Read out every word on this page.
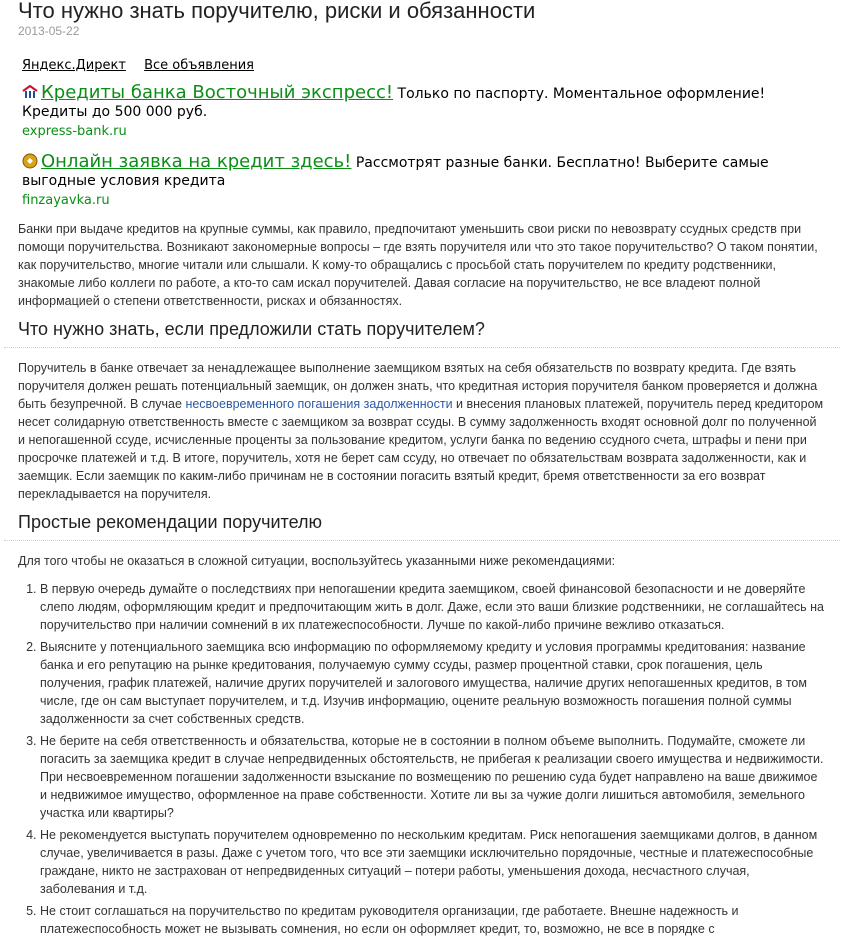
Что нужно знать поручителю, риски и обязанности
2013-05-22
Яндекс.Директ Все объявления
Кредиты банка Восточный экспресс! Только по паспорту. Моментальное оформление! Кредиты до 500 000 руб.
express-bank.ru
Онлайн заявка на кредит здесь! Рассмотрят разные банки. Бесплатно! Выберите самые выгодные условия кредита
finzayavka.ru

Банки при выдаче кредитов на крупные суммы, как правило, предпочитают уменьшить свои риски по невозврату ссудных средств при помощи поручительства. Возникают закономерные вопросы – где взять поручителя или что это такое поручительство? О таком понятии, как поручительство, многие читали или слышали. К кому-то обращались с просьбой стать поручителем по кредиту родственники, знакомые либо коллеги по работе, а кто-то сам искал поручителей. Давая согласие на поручительство, не все владеют полной информацией о степени ответственности, рисках и обязанностях.

Что нужно знать, если предложили стать поручителем?

Поручитель в банке отвечает за ненадлежащее выполнение заемщиком взятых на себя обязательств по возврату кредита. Где взять поручителя должен решать потенциальный заемщик, он должен знать, что кредитная история поручителя банком проверяется и должна быть безупречной. В случае несвоевременного погашения задолженности и внесения плановых платежей, поручитель перед кредитором несет солидарную ответственность вместе с заемщиком за возврат ссуды. В сумму задолженность входят основной долг по полученной и непогашенной ссуде, исчисленные проценты за пользование кредитом, услуги банка по ведению ссудного счета, штрафы и пени при просрочке платежей и т.д. В итоге, поручитель, хотя не берет сам ссуду, но отвечает по обязательствам возврата задолженности, как и заемщик. Если заемщик по каким-либо причинам не в состоянии погасить взятый кредит, бремя ответственности за его возврат перекладывается на поручителя.

Простые рекомендации поручителю

Для того чтобы не оказаться в сложной ситуации, воспользуйтесь указанными ниже рекомендациями:

1. В первую очередь думайте о последствиях при непогашении кредита заемщиком, своей финансовой безопасности и не доверяйте слепо людям, оформляющим кредит и предпочитающим жить в долг. Даже, если это ваши близкие родственники, не соглашайтесь на поручительство при наличии сомнений в их платежеспособности. Лучше по какой-либо причине вежливо отказаться.
2. Выясните у потенциального заемщика всю информацию по оформляемому кредиту и условия программы кредитования: название банка и его репутацию на рынке кредитования, получаемую сумму ссуды, размер процентной ставки, срок погашения, цель получения, график платежей, наличие других поручителей и залогового имущества, наличие других непогашенных кредитов, в том числе, где он сам выступает поручителем, и т.д. Изучив информацию, оцените реальную возможность погашения полной суммы задолженности за счет собственных средств.
3. Не берите на себя ответственность и обязательства, которые не в состоянии в полном объеме выполнить. Подумайте, сможете ли погасить за заемщика кредит в случае непредвиденных обстоятельств, не прибегая к реализации своего имущества и недвижимости. При несвоевременном погашении задолженности взыскание по возмещению по решению суда будет направлено на ваше движимое и недвижимое имущество, оформленное на праве собственности. Хотите ли вы за чужие долги лишиться автомобиля, земельного участка или квартиры?
4. Не рекомендуется выступать поручителем одновременно по нескольким кредитам. Риск непогашения заемщиками долгов, в данном случае, увеличивается в разы. Даже с учетом того, что все эти заемщики исключительно порядочные, честные и платежеспособные граждане, никто не застрахован от непредвиденных ситуаций – потери работы, уменьшения дохода, несчастного случая, заболевания и т.д.
5. Не стоит соглашаться на поручительство по кредитам руководителя организации, где работаете. Внешне надежность и платежеспособность может не вызывать сомнения, но если он оформляет кредит, то, возможно, не все в порядке с
